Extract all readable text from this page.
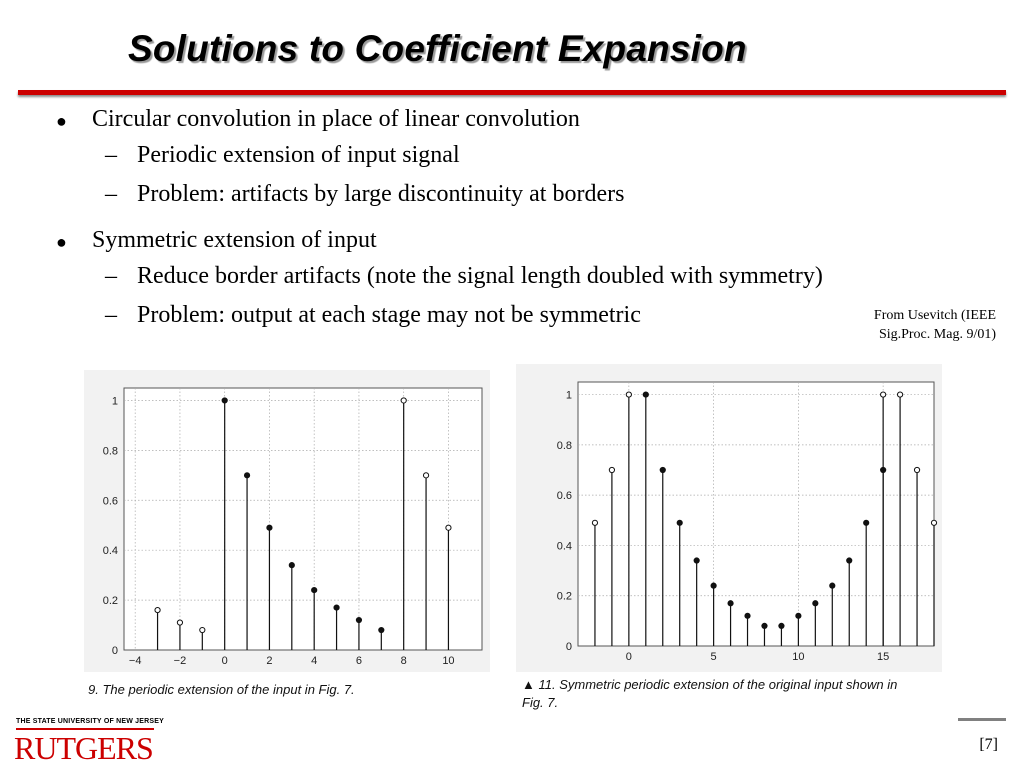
Solutions to Coefficient Expansion
● Circular convolution in place of linear convolution
– Periodic extension of input signal
– Problem: artifacts by large discontinuity at borders
● Symmetric extension of input
– Reduce border artifacts (note the signal length doubled with symmetry)
– Problem: output at each stage may not be symmetric	From Usevitch (IEEE
Sig.Proc. Mag. 9/01)
−4	−2	0	2	4	6	8	10
0
0.2
0.4
0.6
0.8
1
9. The periodic extension of the input in Fig. 7.
0	5	10	15
0
0.2
0.4
0.6
0.8
1
▲ 11. Symmetric periodic extension of the original input shown in
Fig. 7.
THE STATE UNIVERSITY OF NEW JERSEY
RUTGERS	[7]
